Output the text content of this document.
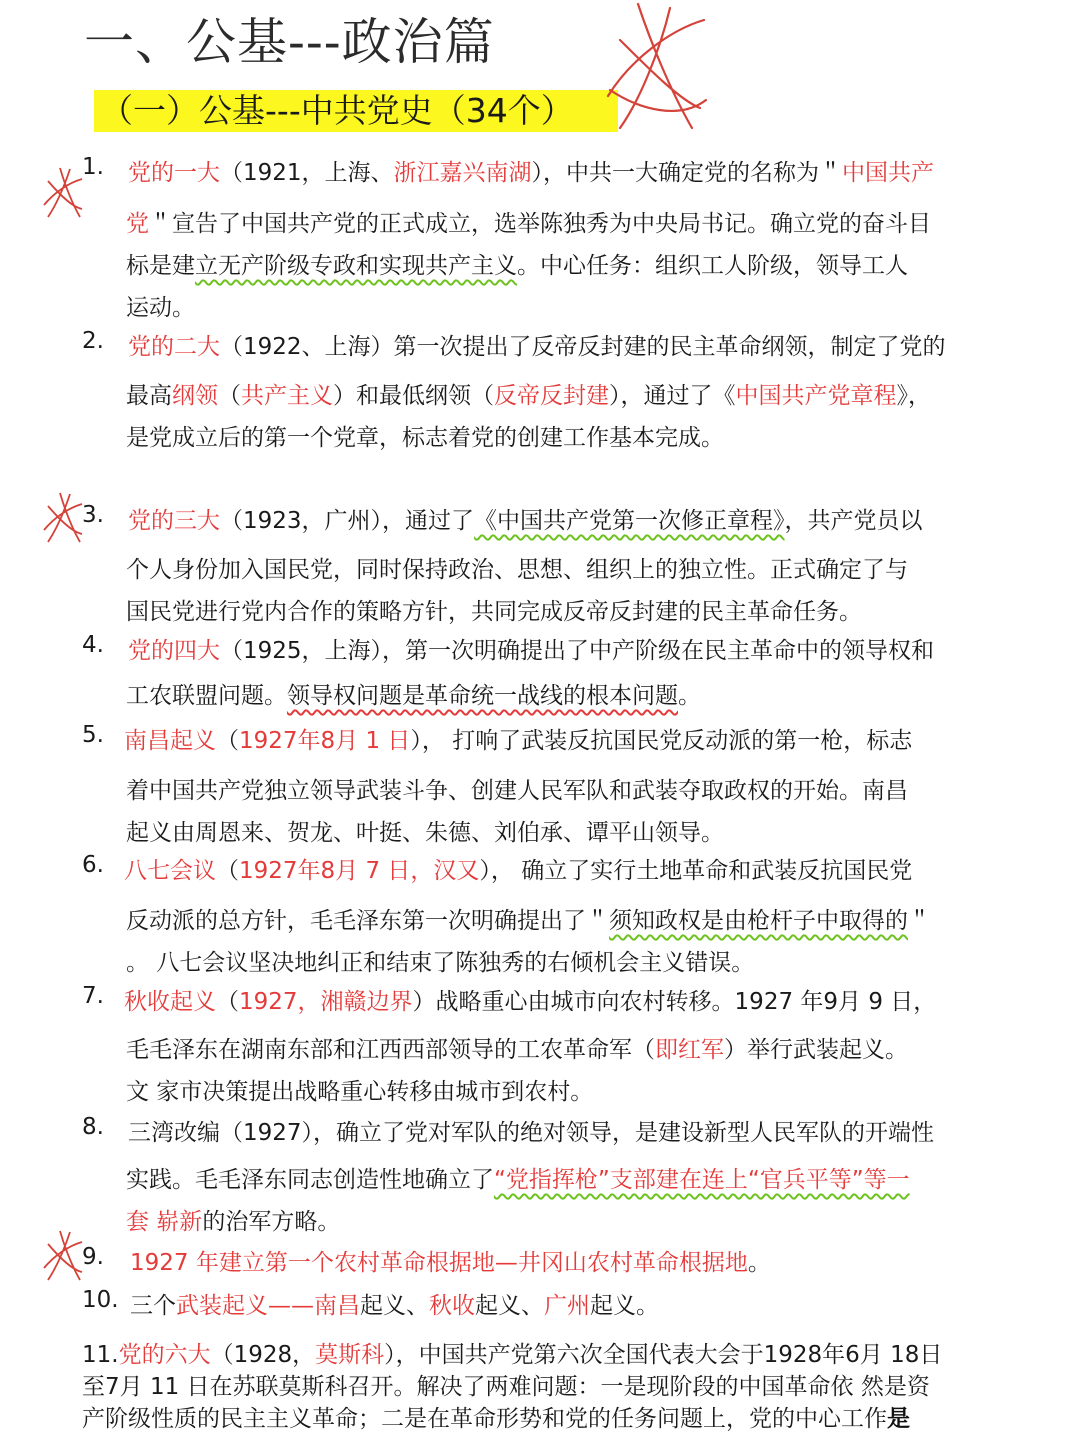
一、公基---政治篇
（一）公基---中共党史（34个）
1. 党的一大（1921，上海、浙江嘉兴南湖），中共一大确定党的名称为＂中国共产
党＂宣告了中国共产党的正式成立，选举陈独秀为中央局书记。确立党的奋斗目
标是建立无产阶级专政和实现共产主义。中心任务：组织工人阶级，领导工人
运动。
2. 党的二大（1922、上海）第一次提出了反帝反封建的民主革命纲领，制定了党的
最高纲领（共产主义）和最低纲领（反帝反封建），通过了《中国共产党章程》，
是党成立后的第一个党章，标志着党的创建工作基本完成。
3. 党的三大（1923，广州），通过了《中国共产党第一次修正章程》，共产党员以
个人身份加入国民党，同时保持政治、思想、组织上的独立性。正式确定了与
国民党进行党内合作的策略方针，共同完成反帝反封建的民主革命任务。
4. 党的四大（1925，上海），第一次明确提出了中产阶级在民主革命中的领导权和
工农联盟问题。领导权问题是革命统一战线的根本问题。
5. 南昌起义（1927年8月 1 日）， 打响了武装反抗国民党反动派的第一枪，标志
着中国共产党独立领导武装斗争、创建人民军队和武装夺取政权的开始。南昌
起义由周恩来、贺龙、叶挺、朱德、刘伯承、谭平山领导。
6. 八七会议（1927年8月 7 日，汉又）， 确立了实行土地革命和武装反抗国民党
反动派的总方针，毛毛泽东第一次明确提出了＂须知政权是由枪杆子中取得的＂
。 八七会议坚决地纠正和结束了陈独秀的右倾机会主义错误。
7. 秋收起义（1927，湘赣边界）战略重心由城市向农村转移。1927 年9月 9 日，
毛毛泽东在湖南东部和江西西部领导的工农革命军（即红军）举行武装起义。
文 家市决策提出战略重心转移由城市到农村。
8. 三湾改编（1927），确立了党对军队的绝对领导，是建设新型人民军队的开端性
实践。毛毛泽东同志创造性地确立了“党指挥枪”支部建在连上“官兵平等”等一
套 崭新的治军方略。
9. 1927 年建立第一个农村革命根据地—井冈山农村革命根据地。
10. 三个武装起义——南昌起义、秋收起义、广州起义。
11.党的六大（1928，莫斯科），中国共产党第六次全国代表大会于1928年6月 18日
至7月 11 日在苏联莫斯科召开。解决了两难问题：一是现阶段的中国革命依 然是资
产阶级性质的民主主义革命；二是在革命形势和党的任务问题上，党的中心工作是
